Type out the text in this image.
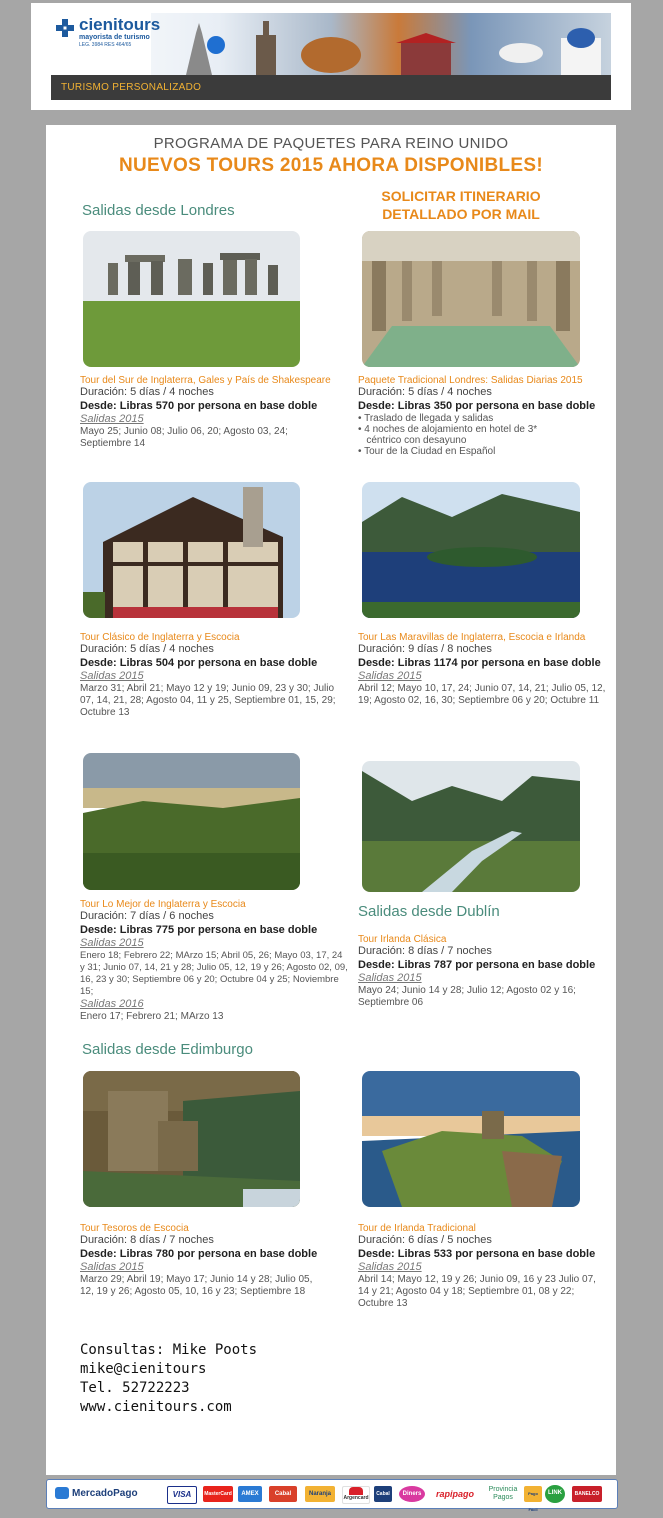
cienitours
mayorista de turismo
LEG. 3984 RES 464/65
TURISMO PERSONALIZADO
PROGRAMA DE PAQUETES PARA REINO UNIDO
NUEVOS TOURS 2015 AHORA DISPONIBLES!
Salidas desde Londres
SOLICITAR ITINERARIO
DETALLADO POR MAIL
Tour del Sur de Inglaterra, Gales y País de Shakespeare
Duración: 5 días / 4 noches
Desde: Libras 570 por persona en base doble
Salidas 2015
Mayo 25; Junio 08; Julio 06, 20; Agosto 03, 24; Septiembre 14
Paquete Tradicional Londres: Salidas Diarias 2015
Duración: 5 días / 4 noches
Desde: Libras 350 por persona en base doble
• Traslado de llegada y salidas
• 4 noches de alojamiento en hotel de 3*
céntrico con desayuno
• Tour de la Ciudad en Español
Tour Clásico de Inglaterra y Escocia
Duración: 5 días / 4 noches
Desde: Libras 504 por persona en base doble
Salidas 2015
Marzo 31; Abril 21; Mayo 12 y 19; Junio 09, 23 y 30; Julio 07, 14, 21, 28; Agosto 04, 11 y 25, Septiembre 01, 15, 29; Octubre 13
Tour Las Maravillas de Inglaterra, Escocia e Irlanda
Duración: 9 días / 8 noches
Desde: Libras 1174 por persona en base doble
Salidas 2015
Abril 12; Mayo 10, 17, 24; Junio 07, 14, 21; Julio 05, 12, 19; Agosto 02, 16, 30; Septiembre 06 y 20; Octubre 11
Tour Lo Mejor de Inglaterra y Escocia
Duración: 7 días / 6 noches
Desde: Libras 775 por persona en base doble
Salidas 2015
Enero 18; Febrero 22; MArzo 15; Abril 05, 26; Mayo 03, 17, 24 y 31; Junio 07, 14, 21 y 28; Julio 05, 12, 19 y 26; Agosto 02, 09, 16, 23 y 30; Septiembre 06 y 20; Octubre 04 y 25; Noviembre 15;
Salidas 2016
Enero 17; Febrero 21; MArzo 13
Salidas desde Dublín
Tour Irlanda Clásica
Duración: 8 días / 7 noches
Desde: Libras 787 por persona en base doble
Salidas 2015
Mayo 24; Junio 14 y 28; Julio 12; Agosto 02 y 16; Septiembre 06
Salidas desde Edimburgo
Tour Tesoros de Escocia
Duración: 8 días / 7 noches
Desde: Libras 780 por persona en base doble
Salidas 2015
Marzo 29; Abril 19; Mayo 17; Junio 14 y 28; Julio 05, 12, 19 y 26; Agosto 05, 10, 16 y 23; Septiembre 18
Tour de Irlanda Tradicional
Duración: 6 días / 5 noches
Desde: Libras 533 por persona en base doble
Salidas 2015
Abril 14; Mayo 12, 19 y 26; Junio 09, 16 y 23 Julio 07, 14 y 21; Agosto 04 y 18; Septiembre 01, 08 y 22; Octubre 13
Consultas: Mike Poots
mike@cienitours
Tel. 52722223
www.cienitours.com
MercadoPago	VISA	MasterCard	AMEX	Cabal	Naranja
Argencard
Cabal	Diners	rapipago	Provincia Pagos
Pago Fácil
LINK	BANELCO
